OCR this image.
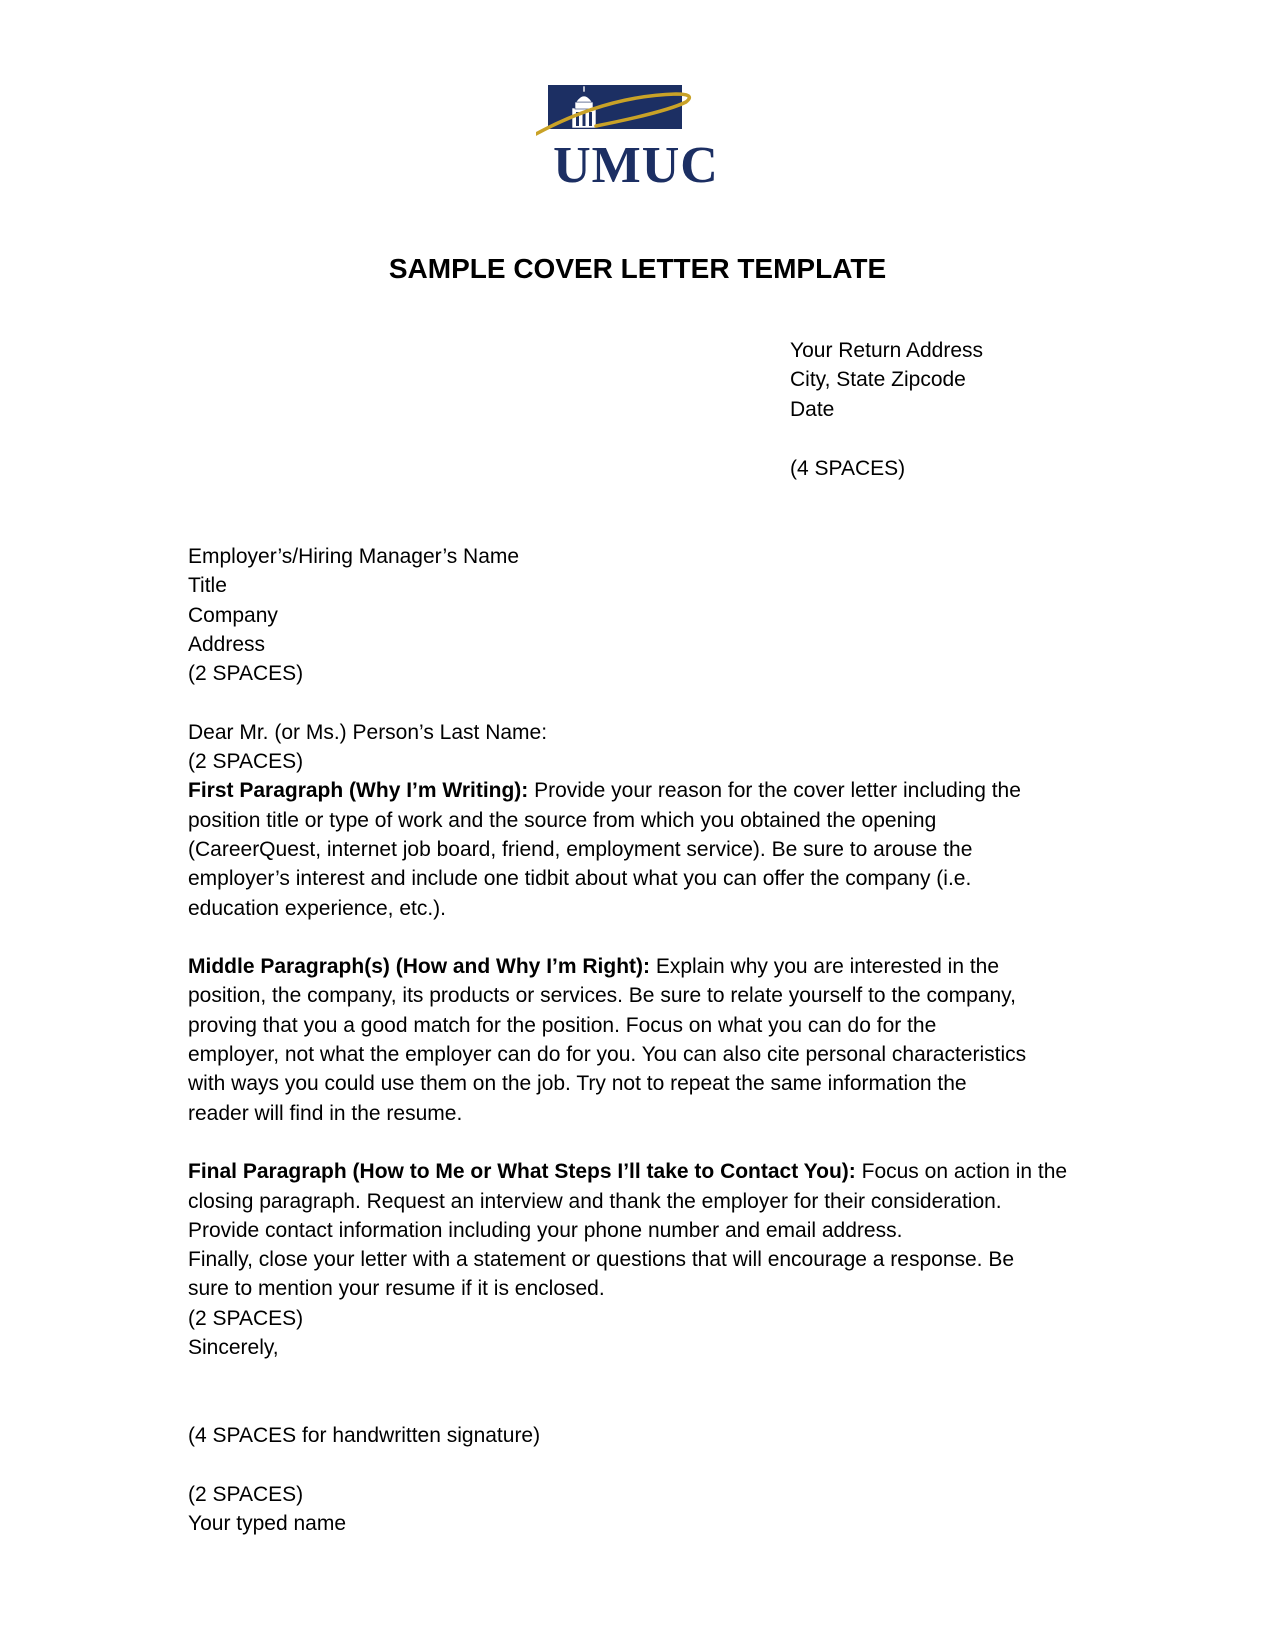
UMUC
SAMPLE COVER LETTER TEMPLATE
Your Return Address
City, State Zipcode
Date
(4 SPACES)
Employer’s/Hiring Manager’s Name
Title
Company
Address
(2 SPACES)
Dear Mr. (or Ms.) Person’s Last Name:
(2 SPACES)
First Paragraph (Why I’m Writing): Provide your reason for the cover letter including the
position title or type of work and the source from which you obtained the opening
(CareerQuest, internet job board, friend, employment service). Be sure to arouse the
employer’s interest and include one tidbit about what you can offer the company (i.e.
education experience, etc.).
Middle Paragraph(s) (How and Why I’m Right): Explain why you are interested in the
position, the company, its products or services. Be sure to relate yourself to the company,
proving that you a good match for the position. Focus on what you can do for the
employer, not what the employer can do for you. You can also cite personal characteristics
with ways you could use them on the job. Try not to repeat the same information the
reader will find in the resume.
Final Paragraph (How to Me or What Steps I’ll take to Contact You): Focus on action in the
closing paragraph. Request an interview and thank the employer for their consideration.
Provide contact information including your phone number and email address.
Finally, close your letter with a statement or questions that will encourage a response. Be
sure to mention your resume if it is enclosed.
(2 SPACES)
Sincerely,
(4 SPACES for handwritten signature)
(2 SPACES)
Your typed name
